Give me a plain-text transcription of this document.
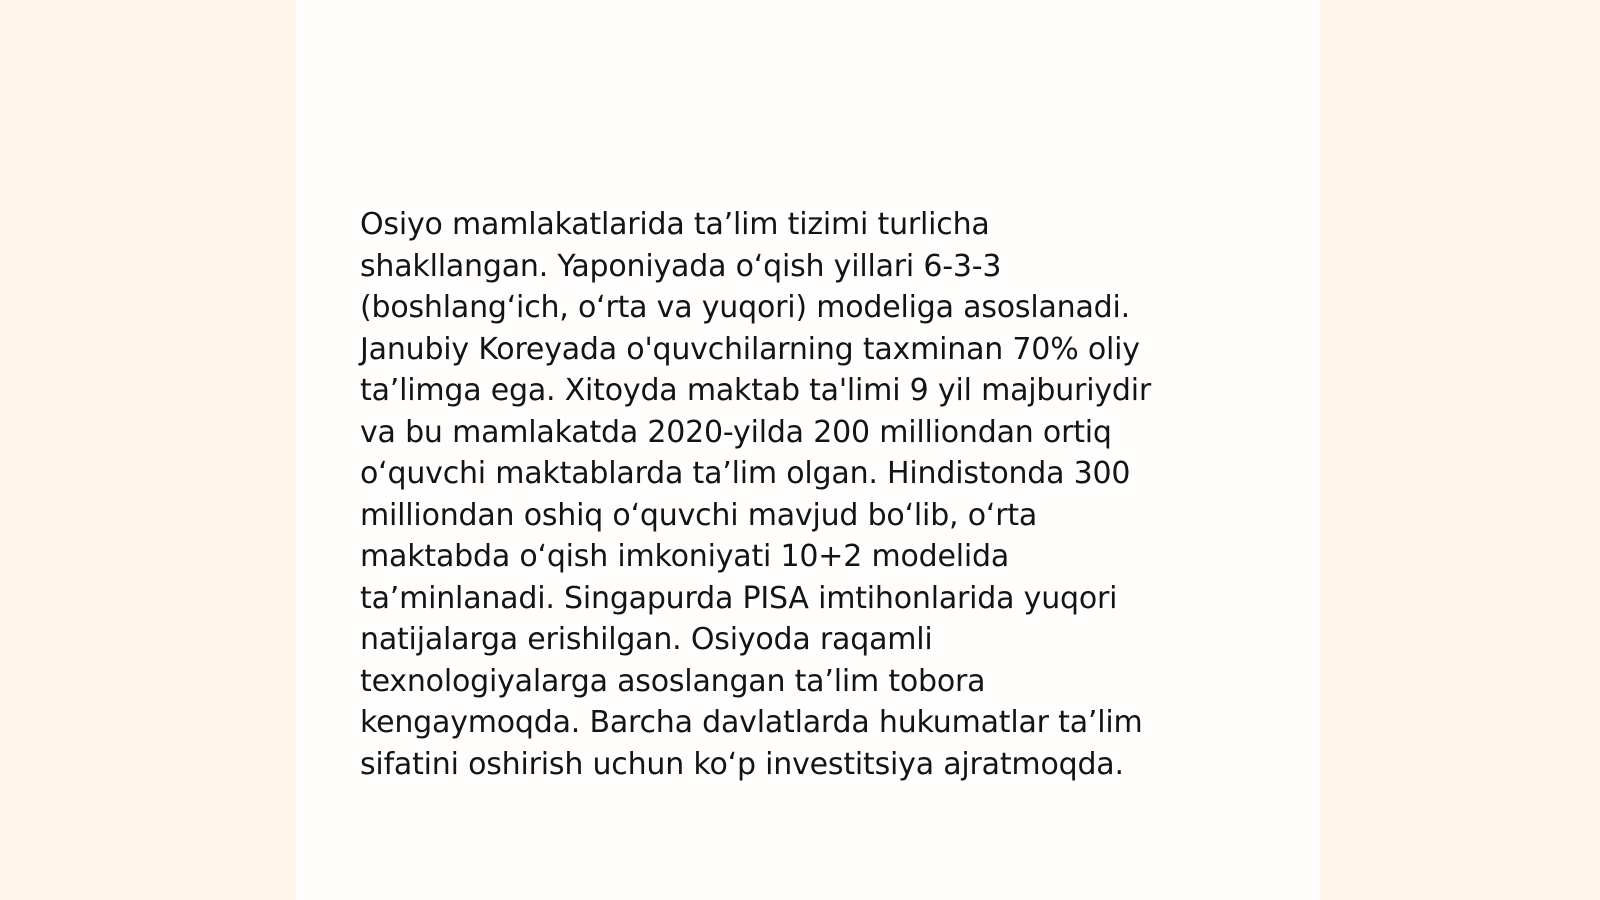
Osiyo mamlakatlarida ta’lim tizimi turlicha
shakllangan. Yaponiyada oʻqish yillari 6-3-3
(boshlangʻich, oʻrta va yuqori) modeliga asoslanadi.
Janubiy Koreyada o'quvchilarning taxminan 70% oliy
ta’limga ega. Xitoyda maktab ta'limi 9 yil majburiydir
va bu mamlakatda 2020-yilda 200 milliondan ortiq
oʻquvchi maktablarda ta’lim olgan. Hindistonda 300
milliondan oshiq oʻquvchi mavjud boʻlib, oʻrta
maktabda oʻqish imkoniyati 10+2 modelida
ta’minlanadi. Singapurda PISA imtihonlarida yuqori
natijalarga erishilgan. Osiyoda raqamli
texnologiyalarga asoslangan ta’lim tobora
kengaymoqda. Barcha davlatlarda hukumatlar ta’lim
sifatini oshirish uchun koʻp investitsiya ajratmoqda.
